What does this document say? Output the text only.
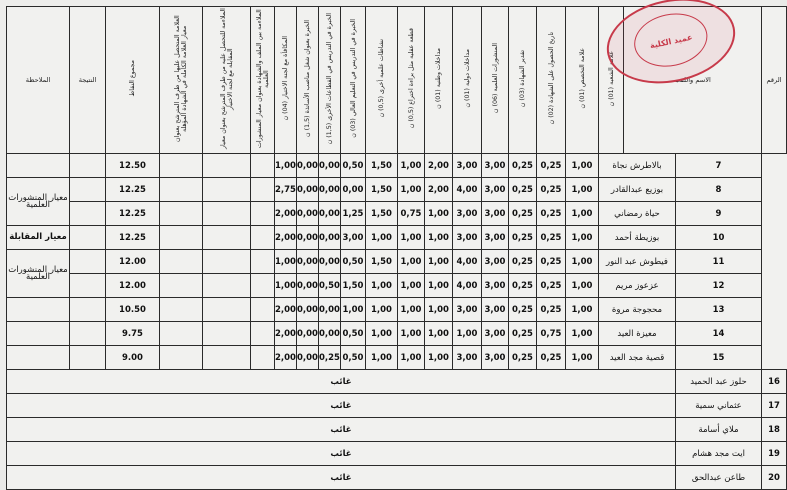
الملاحظة	النتيجة	مجموع النقاط	العلامة المتحصل عليها من طرف المترشح بعنوان معيار العلامة الكاملة في الشهادة المؤهلة	الملاءمة للتحصل عليه من طرف المترشح بعنوان معيار المقابلة مع لجنة الاختيار	الملاءمة بين الملف والشهادة بعنوان معيار المنشورات العلمية	المكافأة مع لجنة الاختيار (04) ن	الخبرة بعنوان شغل مناصب الأساتذة (1,5) ن	الخبرة في التدريس في القطاعات الأخرى (1,5) ن	الخبرة في التدريس في التعليم العالي (03) ن	نشاطات علمية أخرى (0,5) ن	قطعة عقلية مثل براءة اختراع (0,5) ن	مداخلات وطنية (01) ن	مداخلات دولية (01) ن	المنشورات العلمية (06) ن	تقدير الشهادة (03) ن	تاريخ الحصول على الشهادة (02) ن	علامة التخصص (01) ن	علامة الشعبة (01) ن	الاسم واللقب		الرقم
		12.50				1,00	0,00	0,00	0,50	1,50	1,00	2,00	3,00	3,00	0,25	0,25	1,00	بالاطرش نجاة		7	
معيار المنشورات العلمية		12.25				2,75	0,00	0,00	0,00	1,50	1,00	2,00	4,00	3,00	0,25	0,25	1,00	بوزيع عبدالقادر		8	
		12.25				2,00	0,00	0,00	1,25	1,50	0,75	1,00	3,00	3,00	0,25	0,25	1,00	حياة رمضاني		9	
معيار المقابلة		12.25				2,00	0,00	0,00	3,00	1,00	1,00	1,00	3,00	3,00	0,25	0,25	1,00	بوزيطة أحمد		10	
معيار المنشورات العلمية		12.00				1,00	0,00	0,00	0,50	1,50	1,00	1,00	4,00	3,00	0,25	0,25	1,00	فيطوش عبد النور		11	
		12.00				1,00	0,00	0,50	1,50	1,00	1,00	1,00	4,00	3,00	0,25	0,25	1,00	عزعوز مريم		12	
		10.50				2,00	0,00	0,00	1,00	1,00	1,00	1,00	3,00	3,00	0,25	0,25	1,00	محجوجة مروة		13	
		9.75				2,00	0,00	0,00	0,50	1,00	1,00	1,00	1,00	3,00	0,25	0,75	1,00	معيزة العيد		14	
		9.00				2,00	0,00	0,25	0,50	1,00	1,00	1,00	3,00	3,00	0,25	0,25	1,00	قصية مجد العيد		15	
غائب																				حلوز عبد الحميد	16
غائب																				عثماني سمية	17
غائب																				ملاي أسامة	18
غائب																				ايت مجد هشام	19
غائب																				طاعن عبدالحق	20
عميد الكلية
